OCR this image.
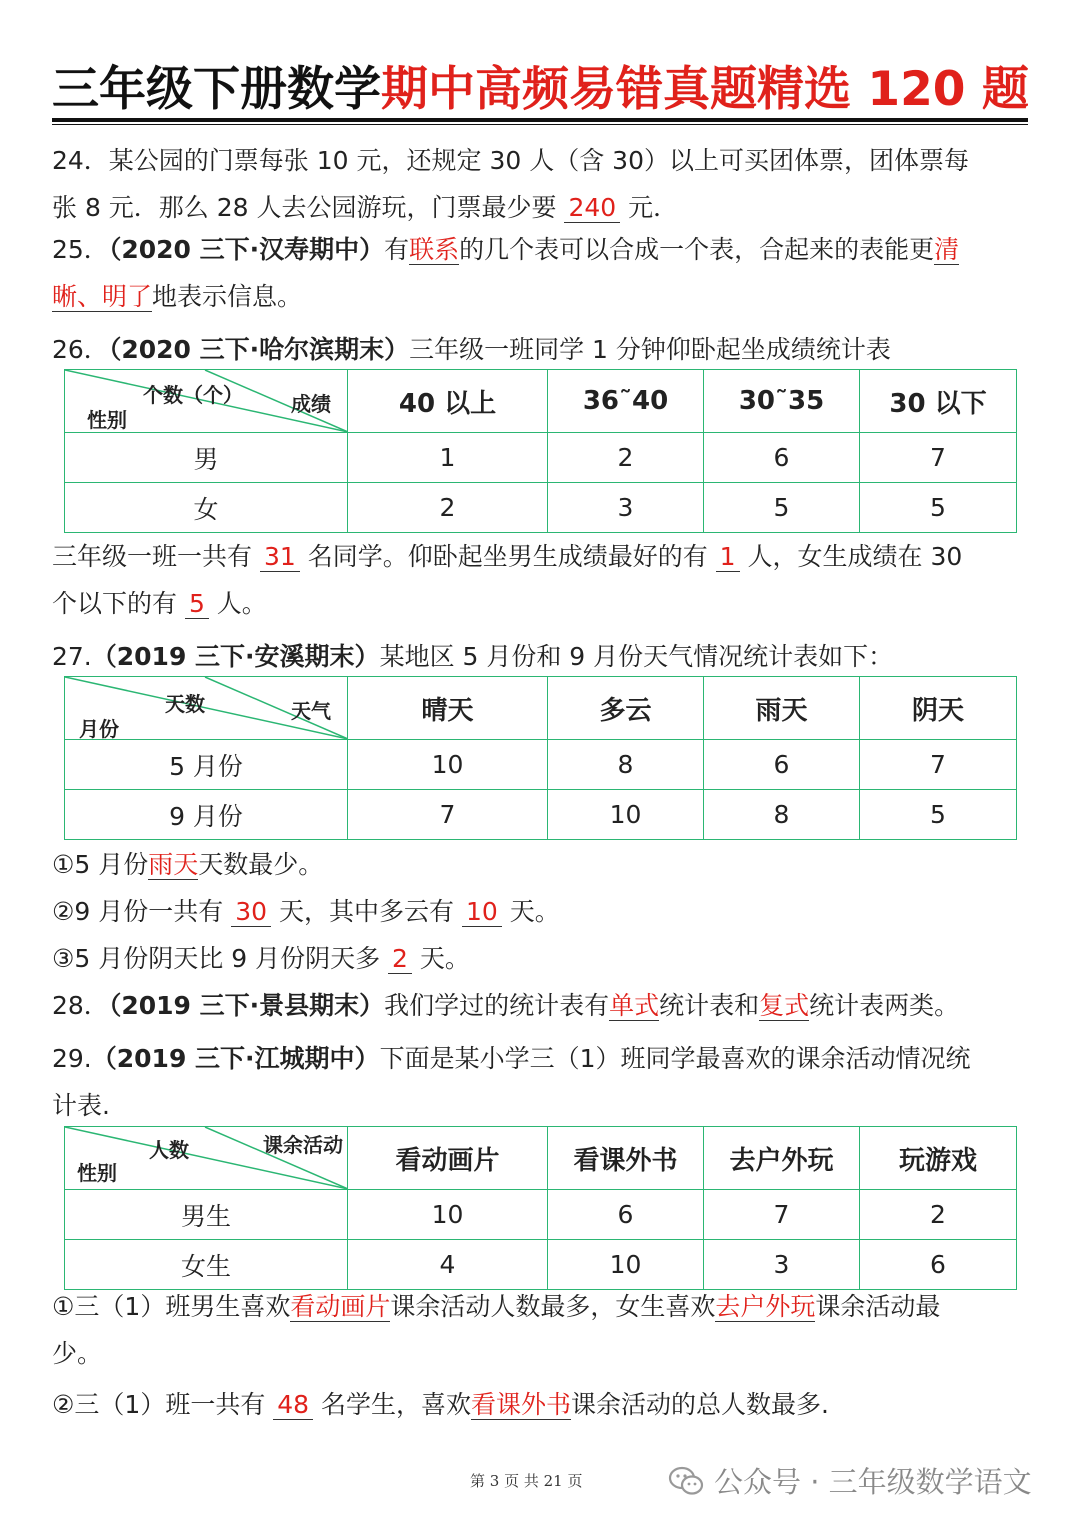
三年级下册数学期中高频易错真题精选 120 题
24．某公园的门票每张 10 元，还规定 30 人（含 30）以上可买团体票，团体票每
张 8 元．那么 28 人去公园游玩，门票最少要 240 元．
25．（2020 三下·汉寿期中）有联系的几个表可以合成一个表，合起来的表能更清
晰、明了地表示信息。
26．（2020 三下·哈尔滨期末）三年级一班同学 1 分钟仰卧起坐成绩统计表
个数（个） 成绩
性别	40 以上	36˜40	30˜35	30 以下
男	1	2	6	7
女	2	3	5	5
三年级一班一共有 31 名同学。仰卧起坐男生成绩最好的有 1 人，女生成绩在 30
个以下的有 5 人。
27.（2019 三下·安溪期末）某地区 5 月份和 9 月份天气情况统计表如下：
天数 天气
月份	晴天	多云	雨天	阴天
5 月份	10	8	6	7
9 月份	7	10	8	5
①5 月份雨天天数最少。
②9 月份一共有 30 天，其中多云有 10 天。
③5 月份阴天比 9 月份阴天多 2 天。
28．（2019 三下·景县期末）我们学过的统计表有单式统计表和复式统计表两类。
29.（2019 三下·江城期中）下面是某小学三（1）班同学最喜欢的课余活动情况统
计表.
人数 课余活动
性别	看动画片	看课外书	去户外玩	玩游戏
男生	10	6	7	2
女生	4	10	3	6
①三（1）班男生喜欢看动画片课余活动人数最多，女生喜欢去户外玩课余活动最
少。
②三（1）班一共有 48 名学生，喜欢看课外书课余活动的总人数最多.
第 3 页 共 21 页	公众号 · 三年级数学语文
